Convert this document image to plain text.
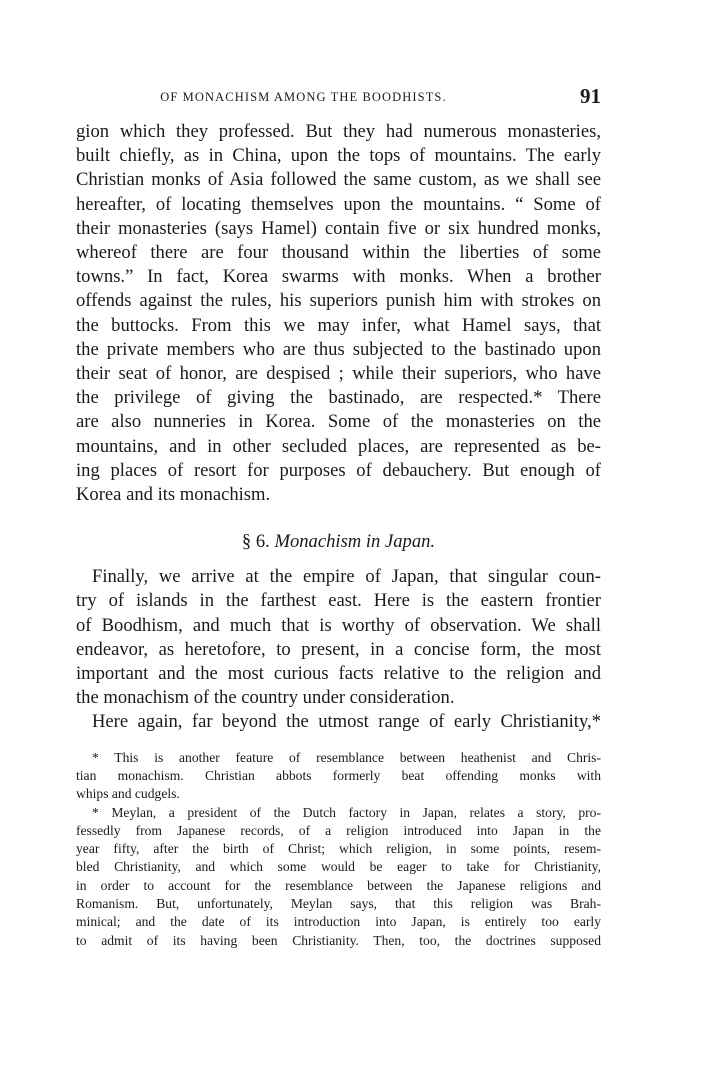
OF MONACHISM AMONG THE BOODHISTS.	91
gion which they professed. But they had numerous monasteries,
built chiefly, as in China, upon the tops of mountains. The early
Christian monks of Asia followed the same custom, as we shall see
hereafter, of locating themselves upon the mountains. “ Some of
their monasteries (says Hamel) contain five or six hundred monks,
whereof there are four thousand within the liberties of some
towns.” In fact, Korea swarms with monks. When a brother
offends against the rules, his superiors punish him with strokes on
the buttocks. From this we may infer, what Hamel says, that
the private members who are thus subjected to the bastinado upon
their seat of honor, are despised ; while their superiors, who have
the privilege of giving the bastinado, are respected.* There
are also nunneries in Korea. Some of the monasteries on the
mountains, and in other secluded places, are represented as be-
ing places of resort for purposes of debauchery. But enough of
Korea and its monachism.
§ 6. Monachism in Japan.
Finally, we arrive at the empire of Japan, that singular coun-
try of islands in the farthest east. Here is the eastern frontier
of Boodhism, and much that is worthy of observation. We shall
endeavor, as heretofore, to present, in a concise form, the most
important and the most curious facts relative to the religion and
the monachism of the country under consideration.
Here again, far beyond the utmost range of early Christianity,*
* This is another feature of resemblance between heathenist and Chris-
tian monachism. Christian abbots formerly beat offending monks with
whips and cudgels.
* Meylan, a president of the Dutch factory in Japan, relates a story, pro-
fessedly from Japanese records, of a religion introduced into Japan in the
year fifty, after the birth of Christ; which religion, in some points, resem-
bled Christianity, and which some would be eager to take for Christianity,
in order to account for the resemblance between the Japanese religions and
Romanism. But, unfortunately, Meylan says, that this religion was Brah-
minical; and the date of its introduction into Japan, is entirely too early
to admit of its having been Christianity. Then, too, the doctrines supposed
